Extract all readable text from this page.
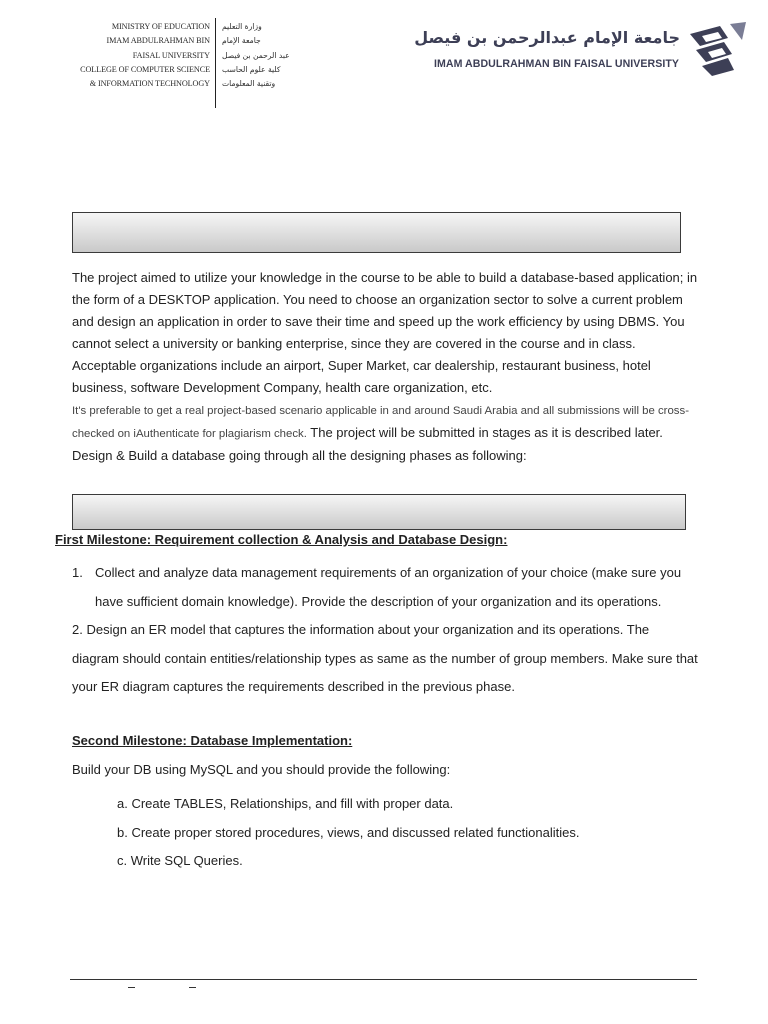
MINISTRY OF EDUCATION
IMAM ABDULRAHMAN BIN
FAISAL UNIVERSITY
COLLEGE OF COMPUTER SCIENCE
& INFORMATION TECHNOLOGY
وزارة التعليم
جامعة الإمام
عبد الرحمن بن فيصل
كلية علوم الحاسب
وتقنية المعلومات
جامعة الإمام عبدالرحمن بن فيصل
IMAM ABDULRAHMAN BIN FAISAL UNIVERSITY

The project aimed to utilize your knowledge in the course to be able to build a database-based application; in the form of a DESKTOP application. You need to choose an organization sector to solve a current problem and design an application in order to save their time and speed up the work efficiency by using DBMS. You cannot select a university or banking enterprise, since they are covered in the course and in class. Acceptable organizations include an airport, Super Market, car dealership, restaurant business, hotel business, software Development Company, health care organization, etc.
It's preferable to get a real project-based scenario applicable in and around Saudi Arabia and all submissions will be cross-checked on iAuthenticate for plagiarism check. The project will be submitted in stages as it is described later.

Design & Build a database going through all the designing phases as following:

First Milestone: Requirement collection & Analysis and Database Design:
1. Collect and analyze data management requirements of an organization of your choice (make sure you have sufficient domain knowledge). Provide the description of your organization and its operations.
2. Design an ER model that captures the information about your organization and its operations. The diagram should contain entities/relationship types as same as the number of group members. Make sure that your ER diagram captures the requirements described in the previous phase.
Second Milestone: Database Implementation:
Build your DB using MySQL and you should provide the following:
a. Create TABLES, Relationships, and fill with proper data.
b. Create proper stored procedures, views, and discussed related functionalities.
c. Write SQL Queries.
